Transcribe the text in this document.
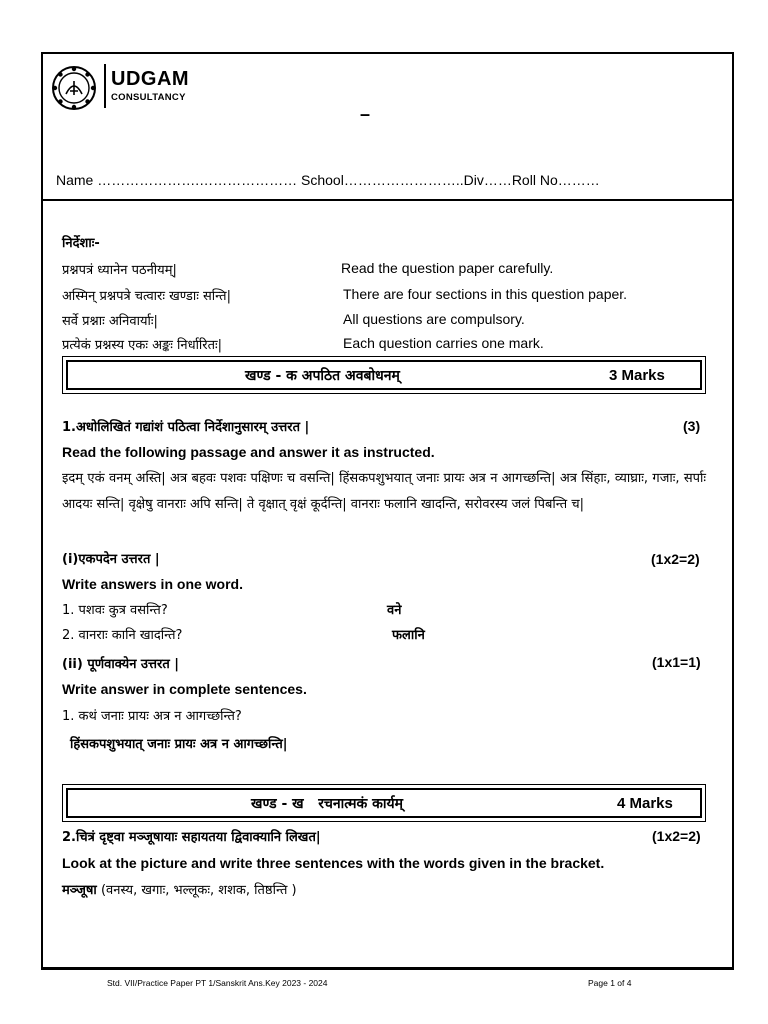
UDGAM
CONSULTANCY
–
Name ………………….………………… School……………………..Div……Roll No………
निर्देशाः-
प्रश्नपत्रं ध्यानेन पठनीयम्|	Read the question paper carefully.
अस्मिन् प्रश्नपत्रे चत्वारः खण्डाः सन्ति|	There are four sections in this question paper.
सर्वे प्रश्नाः अनिवार्याः|	All questions are compulsory.
प्रत्येकं प्रश्नस्य एकः अङ्कः निर्धारितः|	Each question carries one mark.
खण्ड - क अपठित अवबोधनम्	3 Marks
1.अधोलिखितं गद्यांशं पठित्वा निर्देशानुसारम् उत्तरत |	(3)
Read the following passage and answer it as instructed.
इदम् एकं वनम् अस्ति| अत्र बहवः पशवः पक्षिणः च वसन्ति| हिंसकपशुभयात् जनाः प्रायः अत्र न आगच्छन्ति| अत्र सिंहाः, व्याघ्राः, गजाः, सर्पाः आदयः सन्ति| वृक्षेषु वानराः अपि सन्ति| ते वृक्षात् वृक्षं कूर्दन्ति| वानराः फलानि खादन्ति, सरोवरस्य जलं पिबन्ति च|
(i)एकपदेन उत्तरत |	(1x2=2)
Write answers in one word.
1. पशवः कुत्र वसन्ति?	वने
2. वानराः कानि खादन्ति?	फलानि
(ii) पूर्णवाक्येन उत्तरत |	(1x1=1)
Write answer in complete sentences.
1. कथं जनाः प्रायः अत्र न आगच्छन्ति?
हिंसकपशुभयात् जनाः प्रायः अत्र न आगच्छन्ति|
खण्ड - ख   रचनात्मकं कार्यम्	4 Marks
2.चित्रं दृष्ट्वा मञ्जूषायाः सहायतया द्विवाक्यानि लिखत|	(1x2=2)
Look at the picture and write three sentences with the words given in the bracket.
मञ्जूषा (वनस्य, खगाः, भल्लूकः, शशक, तिष्ठन्ति )
Std. VII/Practice Paper PT 1/Sanskrit Ans.Key 2023 - 2024	Page 1 of 4
